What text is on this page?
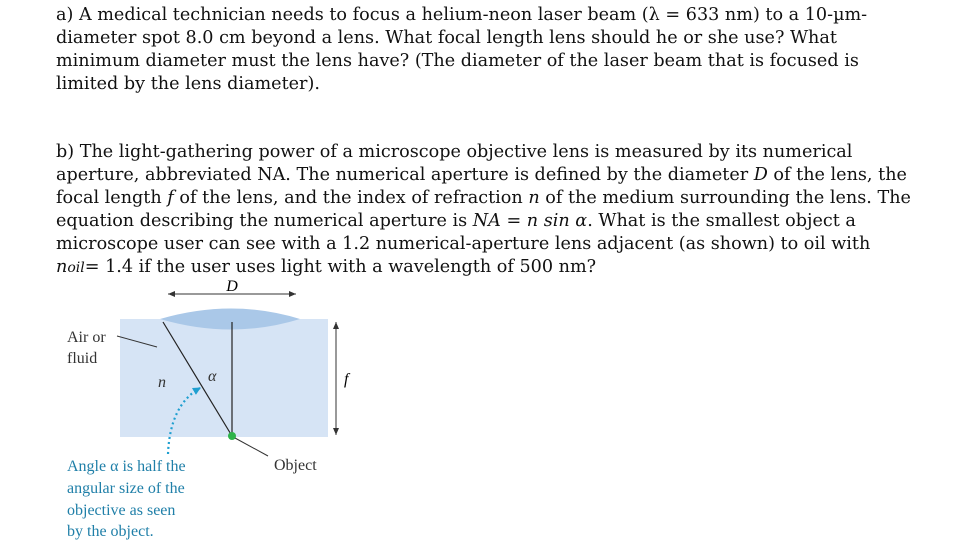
a) A medical technician needs to focus a helium-neon laser beam (λ = 633 nm) to a 10-µm-
diameter spot 8.0 cm beyond a lens. What focal length lens should he or she use? What
minimum diameter must the lens have? (The diameter of the laser beam that is focused is
limited by the lens diameter).

b) The light-gathering power of a microscope objective lens is measured by its numerical
aperture, abbreviated NA. The numerical aperture is defined by the diameter D of the lens, the
focal length f of the lens, and the index of refraction n of the medium surrounding the lens. The
equation describing the numerical aperture is NA = n sin α. What is the smallest object a
microscope user can see with a 1.2 numerical-aperture lens adjacent (as shown) to oil with
noil= 1.4 if the user uses light with a wavelength of 500 nm?

D
f
Air or
fluid
n	α
Object
Angle α is half the
angular size of the
objective as seen
by the object.
